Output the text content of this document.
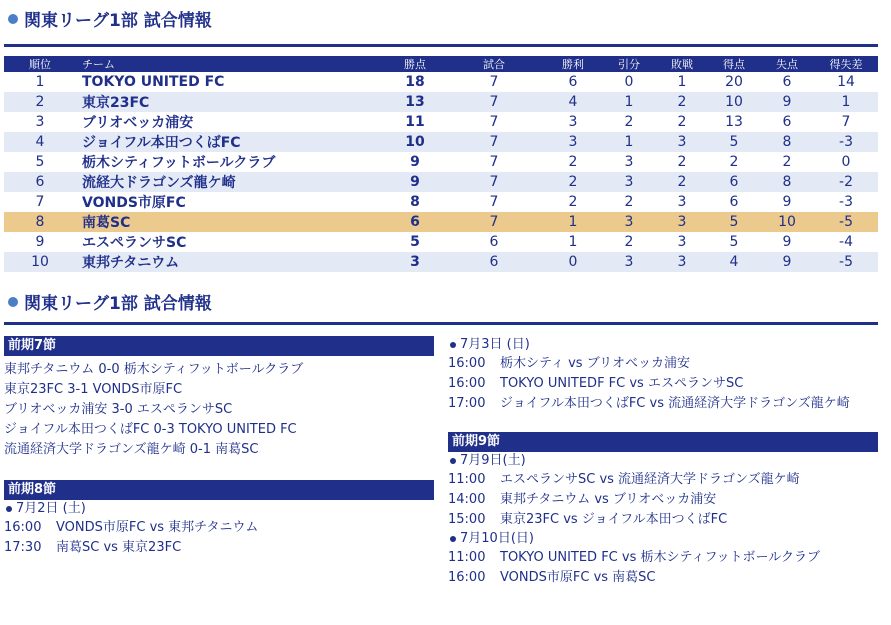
関東リーグ1部 試合情報
順位	チーム	勝点	試合	勝利	引分	敗戦	得点	失点	得失差
1	TOKYO UNITED FC	18	7	6	0	1	20	6	14
2	東京23FC	13	7	4	1	2	10	9	1
3	ブリオベッカ浦安	11	7	3	2	2	13	6	7
4	ジョイフル本田つくばFC	10	7	3	1	3	5	8	-3
5	栃木シティフットボールクラブ	9	7	2	3	2	2	2	0
6	流経大ドラゴンズ龍ケ崎	9	7	2	3	2	6	8	-2
7	VONDS市原FC	8	7	2	2	3	6	9	-3
8	南葛SC	6	7	1	3	3	5	10	-5
9	エスペランサSC	5	6	1	2	3	5	9	-4
10	東邦チタニウム	3	6	0	3	3	4	9	-5
関東リーグ1部 試合情報
前期7節
東邦チタニウム 0-0 栃木シティフットボールクラブ
東京23FC 3-1 VONDS市原FC
ブリオベッカ浦安 3-0 エスペランサSC
ジョイフル本田つくばFC 0-3 TOKYO UNITED FC
流通経済大学ドラゴンズ龍ケ崎 0-1 南葛SC
前期8節
7月2日 (土)
16:00 VONDS市原FC vs 東邦チタニウム
17:30 南葛SC vs 東京23FC
7月3日 (日)
16:00 栃木シティ vs ブリオベッカ浦安
16:00 TOKYO UNITEDF FC vs エスペランサSC
17:00 ジョイフル本田つくばFC vs 流通経済大学ドラゴンズ龍ケ崎
前期9節
7月9日(土)
11:00 エスペランサSC vs 流通経済大学ドラゴンズ龍ケ崎
14:00 東邦チタニウム vs ブリオベッカ浦安
15:00 東京23FC vs ジョイフル本田つくばFC
7月10日(日)
11:00 TOKYO UNITED FC vs 栃木シティフットボールクラブ
16:00 VONDS市原FC vs 南葛SC
